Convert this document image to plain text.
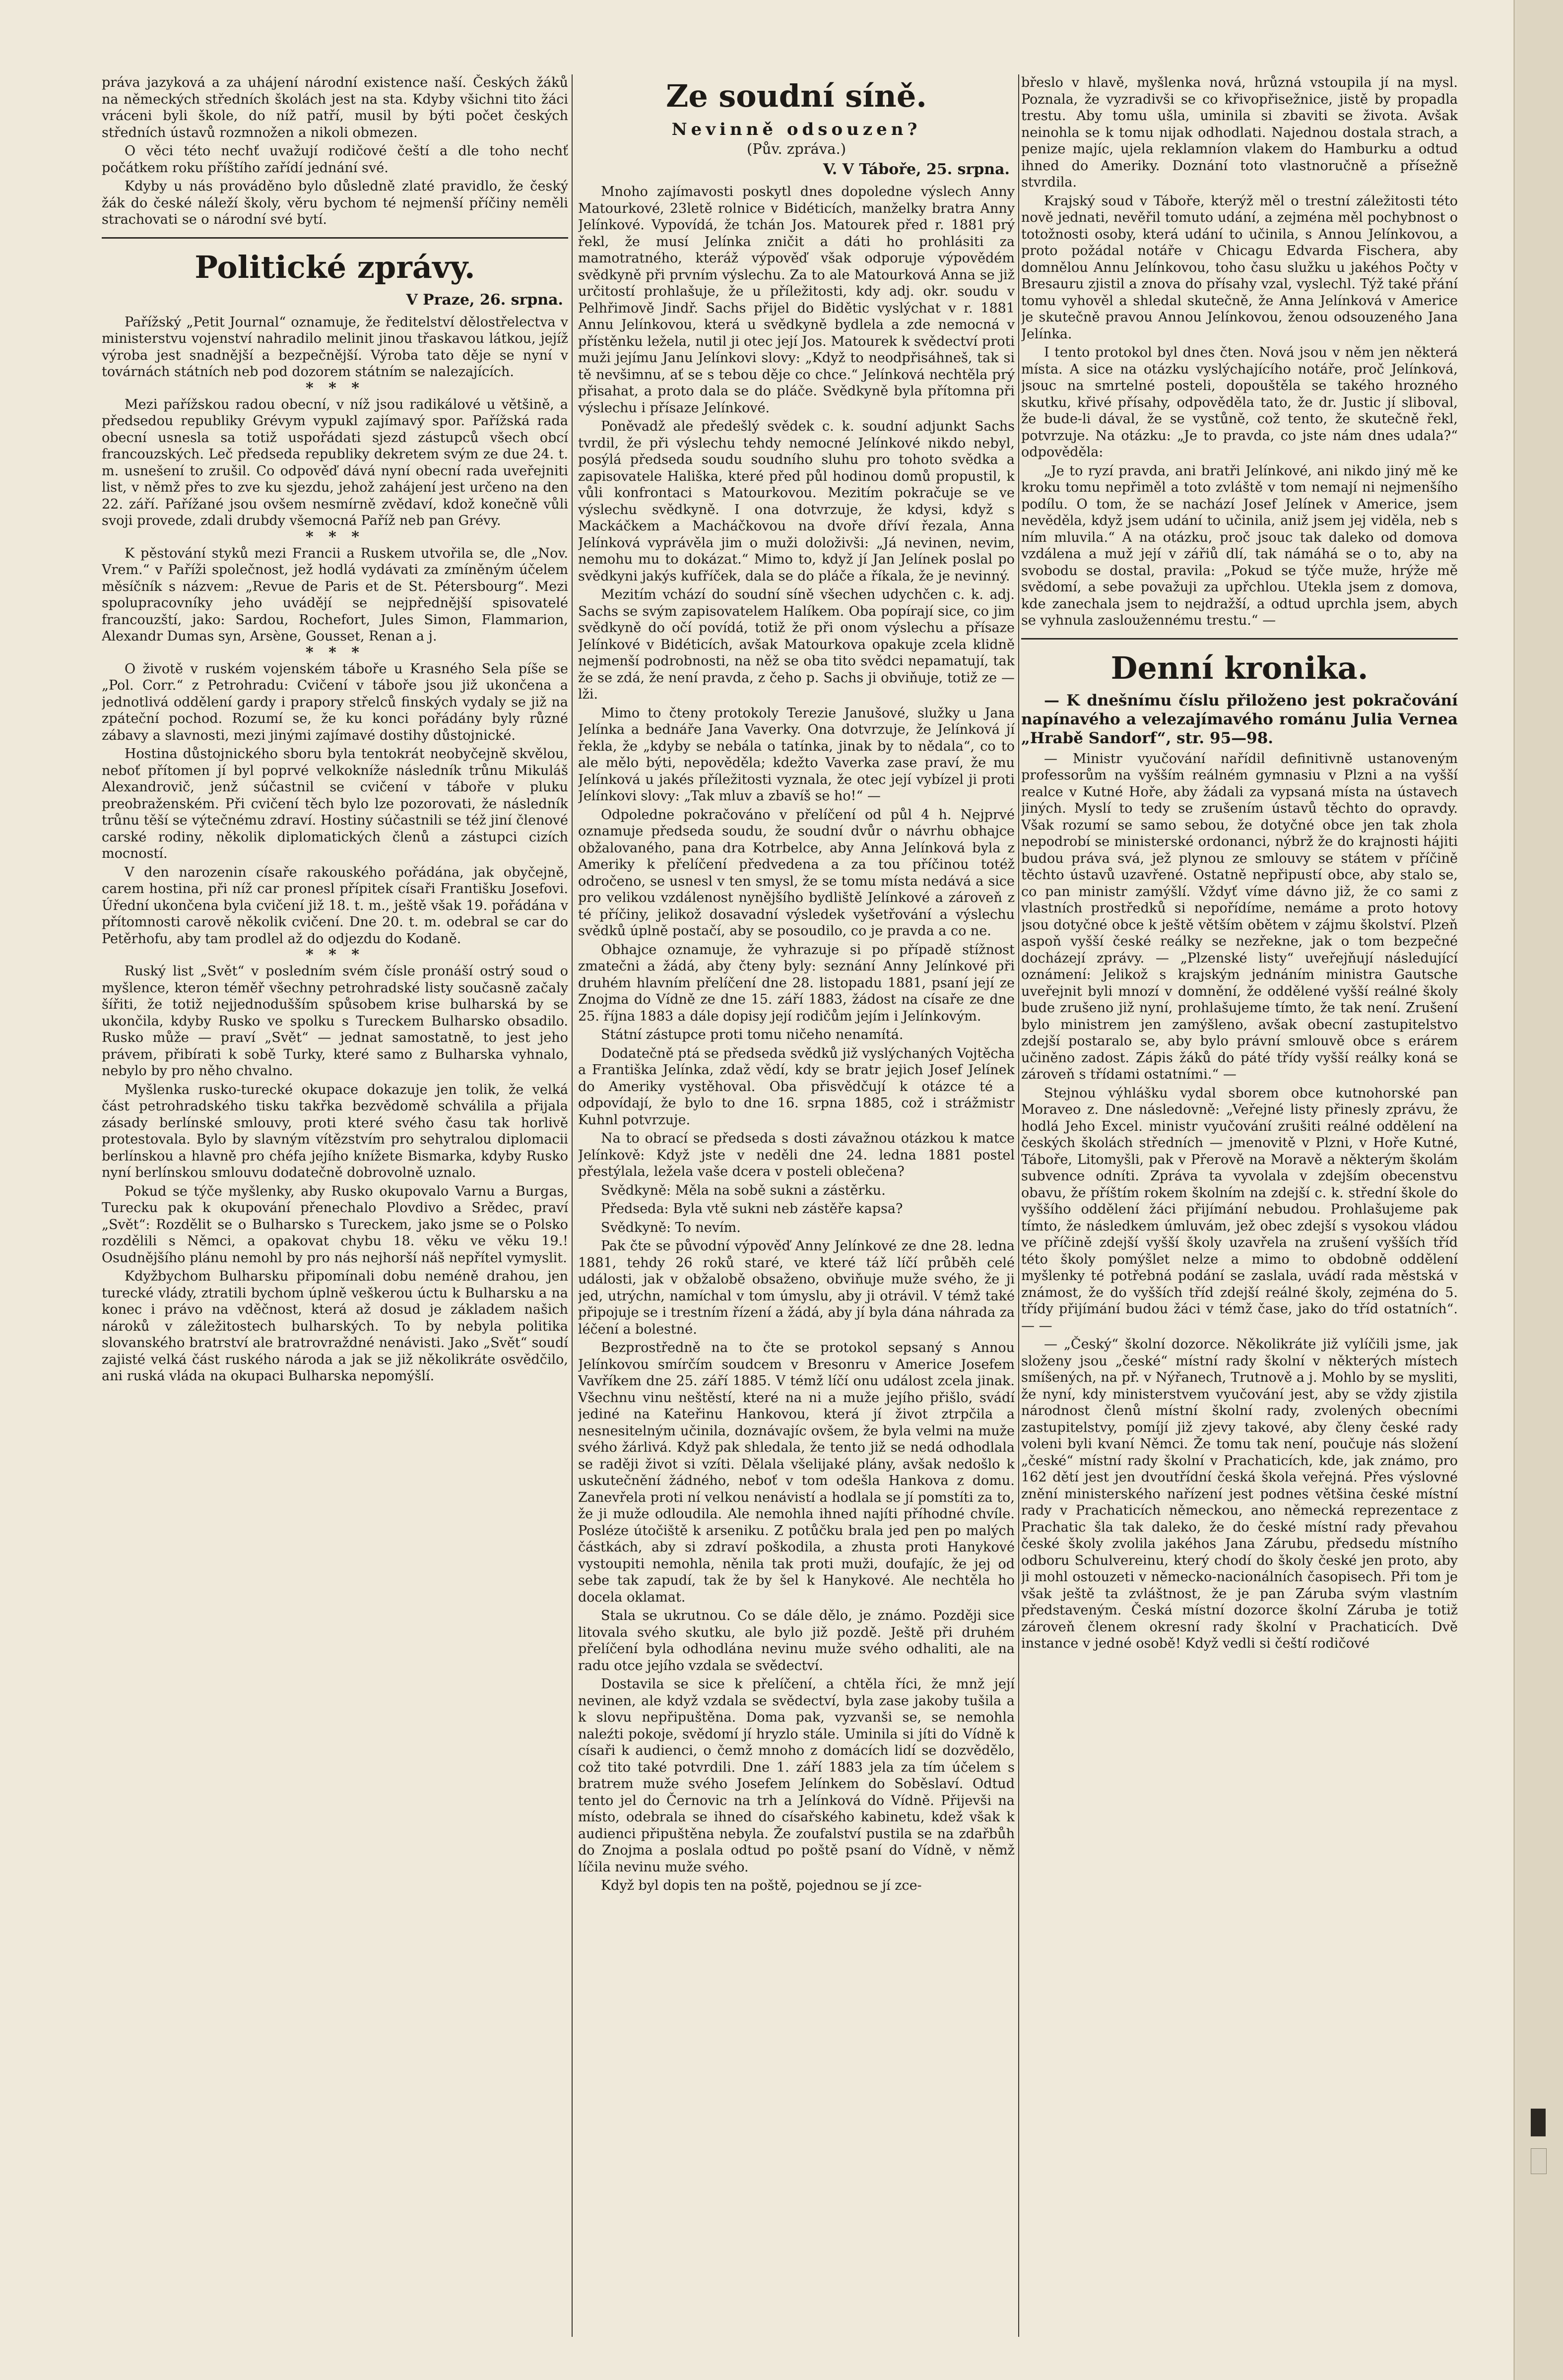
práva jazyková a za uhájení národní existence naší. Českých žáků na německých středních školách jest na sta. Kdyby všichni tito žáci vráceni byli škole, do níž patří, musil by býti počet českých středních ústavů rozmnožen a nikoli obmezen.

O věci této nechť uvažují rodičové čeští a dle toho nechť počátkem roku příštího zařídí jednání své.

Kdyby u nás prováděno bylo důsledně zlaté pravidlo, že český žák do české náleží školy, věru bychom té nejmenší příčiny neměli strachovati se o národní své bytí.

Politické zprávy.
V Praze, 26. srpna.

Pařížský „Petit Journal“ oznamuje, že ředitelství dělostřelectva v ministerstvu vojenství nahradilo melinit jinou třaskavou látkou, jejíž výroba jest snadnější a bezpečnější. Výroba tato děje se nyní v továrnách státních neb pod dozorem státním se nalezajících.

* * *

Mezi pařížskou radou obecní, v níž jsou radikálové u většině, a předsedou republiky Grévym vypukl zajímavý spor. Pařížská rada obecní usnesla sa totiž uspořádati sjezd zástupců všech obcí francouzských. Leč předseda republiky dekretem svým ze due 24. t. m. usnešení to zrušil. Co odpověď dává nyní obecní rada uveřejniti list, v němž přes to zve ku sjezdu, jehož zahájení jest určeno na den 22. září. Pařížané jsou ovšem nesmírně zvědaví, kdož konečně vůli svoji provede, zdali drubdy všemocná Paříž neb pan Grévy.

* * *

K pěstování styků mezi Francii a Ruskem utvořila se, dle „Nov. Vrem.“ v Paříži společnost, jež hodlá vydávati za zmíněným účelem měsíčník s názvem: „Revue de Paris et de St. Pétersbourg“. Mezi spolupracovníky jeho uvádějí se nejpřednější spisovatelé francouzští, jako: Sardou, Rochefort, Jules Simon, Flammarion, Alexandr Dumas syn, Arsène, Gousset, Renan a j.

* * *

O životě v ruském vojenském táboře u Krasného Sela píše se „Pol. Corr.“ z Petrohradu: Cvičení v táboře jsou již ukončena a jednotlivá oddělení gardy i prapory střelců finských vydaly se již na zpáteční pochod. Rozumí se, že ku konci pořádány byly různé zábavy a slavnosti, mezi jinými zajímavé dostihy důstojnické.

Hostina důstojnického sboru byla tentokrát neobyčejně skvělou, neboť přítomen jí byl poprvé velkokníže následník trůnu Mikuláš Alexandrovič, jenž súčastnil se cvičení v táboře v pluku preobraženském. Při cvičení těch bylo lze pozorovati, že následník trůnu těší se výtečnému zdraví. Hostiny súčastnili se též jiní členové carské rodiny, několik diplomatických členů a zástupci cizích mocností.

V den narozenin císaře rakouského pořádána, jak obyčejně, carem hostina, při níž car pronesl přípitek císaři Františku Josefovi. Úřední ukončena byla cvičení již 18. t. m., ještě však 19. pořádána v přítomnosti carově několik cvičení. Dne 20. t. m. odebral se car do Petěrhofu, aby tam prodlel až do odjezdu do Kodaně.

* * *

Ruský list „Svět“ v posledním svém čísle pronáší ostrý soud o myšlence, kteron téměř všechny petrohradské listy současně začaly šířiti, že totiž nejjednodušším spůsobem krise bulharská by se ukončila, kdyby Rusko ve spolku s Tureckem Bulharsko obsadilo. Rusko může — praví „Svět“ — jednat samostatně, to jest jeho právem, přibírati k sobě Turky, které samo z Bulharska vyhnalo, nebylo by pro něho chvalno.

Myšlenka rusko-turecké okupace dokazuje jen tolik, že velká část petrohradského tisku takřka bezvědomě schválila a přijala zásady berlínské smlouvy, proti které svého času tak horlivě protestovala. Bylo by slavným vítězstvím pro sehytralou diplomacii berlínskou a hlavně pro chéfa jejího knížete Bismarka, kdyby Rusko nyní berlínskou smlouvu dodatečně dobrovolně uznalo.

Pokud se týče myšlenky, aby Rusko okupovalo Varnu a Burgas, Turecku pak k okupování přenechalo Plovdivo a Srědec, praví „Svět“: Rozdělit se o Bulharsko s Tureckem, jako jsme se o Polsko rozdělili s Němci, a opakovat chybu 18. věku ve věku 19.! Osudnějšího plánu nemohl by pro nás nejhorší náš nepřítel vymyslit.

Kdyžbychom Bulharsku připomínali dobu neméně drahou, jen turecké vlády, ztratili bychom úplně veškerou úctu k Bulharsku a na konec i právo na vděčnost, která až dosud je základem našich nároků v záležitostech bulharských. To by nebyla politika slovanského bratrství ale bratrovraždné nenávisti. Jako „Svět“ soudí zajisté velká část ruského národa a jak se již několikráte osvědčilo, ani ruská vláda na okupaci Bulharska nepomýšlí.

Ze soudní síně.
Nevinně odsouzen?
(Pův. zpráva.)
V. V Táboře, 25. srpna.

Mnoho zajímavosti poskytl dnes dopoledne výslech Anny Matourkové, 23letě rolnice v Bidéticích, manželky bratra Anny Jelínkové. Vypovídá, že tchán Jos. Matourek před r. 1881 prý řekl, že musí Jelínka zničit a dáti ho prohlásiti za mamotratného, kteráž výpověď však odporuje výpovědém svědkyně při prvním výslechu. Za to ale Matourková Anna se již určitostí prohlašuje, že u příležitosti, kdy adj. okr. soudu v Pelhřimově Jindř. Sachs přijel do Bidětic vyslýchat v r. 1881 Annu Jelínkovou, která u svědkyně bydlela a zde nemocná v přístěnku ležela, nutil ji otec její Jos. Matourek k svědectví proti muži jejímu Janu Jelínkovi slovy: „Když to neodpřisáhneš, tak si tě nevšimnu, ať se s tebou děje co chce.“ Jelínková nechtěla prý přisahat, a proto dala se do pláče. Svědkyně byla přítomna při výslechu i přísaze Jelínkové.

Poněvadž ale předešlý svědek c. k. soudní adjunkt Sachs tvrdil, že při výslechu tehdy nemocné Jelínkové nikdo nebyl, posýlá předseda soudu soudního sluhu pro tohoto svědka a zapisovatele Hališka, které před půl hodinou domů propustil, k vůli konfrontaci s Matourkovou. Mezitím pokračuje se ve výslechu svědkyně. I ona dotvrzuje, že kdysi, když s Mackáčkem a Macháčkovou na dvoře dříví řezala, Anna Jelínková vyprávěla jim o muži doloživši: „Já nevinen, nevim, nemohu mu to dokázat.“ Mimo to, když jí Jan Jelínek poslal po svědkyni jakýs kufříček, dala se do pláče a říkala, že je nevinný.

Mezitím vchází do soudní síně všechen udychčen c. k. adj. Sachs se svým zapisovatelem Halíkem. Oba popírají sice, co jim svědkyně do očí povídá, totiž že při onom výslechu a přísaze Jelínkové v Bidéticích, avšak Matourkova opakuje zcela klidně nejmenší podrobnosti, na něž se oba tito svědci nepamatují, tak že se zdá, že není pravda, z čeho p. Sachs ji obviňuje, totiž ze — lži.

Mimo to čteny protokoly Terezie Janušové, služky u Jana Jelínka a bednáře Jana Vaverky. Ona dotvrzuje, že Jelínková jí řekla, že „kdyby se nebála o tatínka, jinak by to nědala“, co to ale mělo býti, nepověděla; kdežto Vaverka zase praví, že mu Jelínková u jakés příležitosti vyznala, že otec její vybízel ji proti Jelínkovi slovy: „Tak mluv a zbavíš se ho!“ —

Odpoledne pokračováno v přelíčení od půl 4 h. Nejprvé oznamuje předseda soudu, že soudní dvůr o návrhu obhajce obžalovaného, pana dra Kotrbelce, aby Anna Jelínková byla z Ameriky k přelíčení předvedena a za tou příčinou totéž odročeno, se usnesl v ten smysl, že se tomu místa nedává a sice pro velikou vzdálenost nynějšího bydliště Jelínkové a zároveň z té příčiny, jelikož dosavadní výsledek vyšetřování a výslechu svědků úplně postačí, aby se posoudilo, co je pravda a co ne.

Obhajce oznamuje, že vyhrazuje si po případě stížnost zmatečni a žádá, aby čteny byly: seznání Anny Jelínkové při druhém hlavním přelíčení dne 28. listopadu 1881, psaní její ze Znojma do Vídně ze dne 15. září 1883, žádost na císaře ze dne 25. října 1883 a dále dopisy její rodičům jejím i Jelínkovým.

Státní zástupce proti tomu ničeho nenamítá.

Dodatečně ptá se předseda svědků již vyslýchaných Vojtěcha a Františka Jelínka, zdaž vědí, kdy se bratr jejich Josef Jelínek do Ameriky vystěhoval. Oba přisvědčují k otázce té a odpovídají, že bylo to dne 16. srpna 1885, což i strážmistr Kuhnl potvrzuje.

Na to obrací se předseda s dosti závažnou otázkou k matce Jelínkově: Když jste v neděli dne 24. ledna 1881 postel přestýlala, ležela vaše dcera v posteli oblečena?

Svědkyně: Měla na sobě sukni a zástěrku.

Předseda: Byla vtě sukni neb zástěře kapsa?

Svědkyně: To nevím.

Pak čte se původní výpověď Anny Jelínkové ze dne 28. ledna 1881, tehdy 26 roků staré, ve které táž líčí průběh celé události, jak v obžalobě obsaženo, obviňuje muže svého, že ji jed, utrýchn, namíchal v tom úmyslu, aby ji otrávil. V témž také připojuje se i trestním řízení a žádá, aby jí byla dána náhrada za léčení a bolestné.

Bezprostředně na to čte se protokol sepsaný s Annou Jelínkovou smírčím soudcem v Bresonru v Americe Josefem Vavříkem dne 25. září 1885. V témž líčí onu událost zcela jinak. Všechnu vinu neštěstí, které na ni a muže jejího přišlo, svádí jediné na Kateřinu Hankovou, která jí život ztrpčila a nesnesitelným učinila, doznávajíc ovšem, že byla velmi na muže svého žárlivá. Když pak shledala, že tento již se nedá odhodlala se raději život si vzíti. Dělala všelijaké plány, avšak nedošlo k uskutečnění žádného, neboť v tom odešla Hankova z domu. Zanevřela proti ní velkou nenávistí a hodlala se jí pomstíti za to, že ji muže odloudila. Ale nemohla ihned najíti příhodné chvíle. Posléze útočiště k arseniku. Z potůčku brala jed pen po malých částkách, aby si zdraví poškodila, a zhusta proti Hanykové vystoupiti nemohla, něnila tak proti muži, doufajíc, že jej od sebe tak zapudí, tak že by šel k Hanykové. Ale nechtěla ho docela oklamat.

Stala se ukrutnou. Co se dále dělo, je známo. Později sice litovala svého skutku, ale bylo již pozdě. Ještě při druhém přelíčení byla odhodlána nevinu muže svého odhaliti, ale na radu otce jejího vzdala se svědectví.

Dostavila se sice k přelíčení, a chtěla říci, že mnž její nevinen, ale když vzdala se svědectví, byla zase jakoby tušila a k slovu nepřipuštěna. Doma pak, vyzvanši se, se nemohla naleźti pokoje, svědomí jí hryzlo stále. Uminila si jíti do Vídně k císaři k audienci, o čemž mnoho z domácích lidí se dozvědělo, což tito také potvrdili. Dne 1. září 1883 jela za tím účelem s bratrem muže svého Josefem Jelínkem do Soběslaví. Odtud tento jel do Černovic na trh a Jelínková do Vídně. Přijevši na místo, odebrala se ihned do císařského kabinetu, kdež však k audienci připuštěna nebyla. Že zoufalství pustila se na zdařbůh do Znojma a poslala odtud po poště psaní do Vídně, v němž líčila nevinu muže svého.

Když byl dopis ten na poště, pojednou se jí zce-

břeslo v hlavě, myšlenka nová, hrůzná vstoupila jí na mysl. Poznala, že vyzradivši se co křivopřisežnice, jistě by propadla trestu. Aby tomu ušla, uminila si zbaviti se života. Avšak neinohla se k tomu nijak odhodlati. Najednou dostala strach, a penize majíc, ujela reklamníon vlakem do Hamburku a odtud ihned do Ameriky. Doznání toto vlastnoručně a přísežně stvrdila.

Krajský soud v Táboře, kterýž měl o trestní záležitosti této nově jednati, nevěřil tomuto udání, a zejména měl pochybnost o totožnosti osoby, která udání to učinila, s Annou Jelínkovou, a proto požádal notáře v Chicagu Edvarda Fischera, aby domnělou Annu Jelínkovou, toho času služku u jakéhos Počty v Bresauru zjistil a znova do přísahy vzal, vyslechl. Týž také přání tomu vyhověl a shledal skutečně, že Anna Jelínková v Americe je skutečně pravou Annou Jelínkovou, ženou odsouzeného Jana Jelínka.

I tento protokol byl dnes čten. Nová jsou v něm jen některá místa. A sice na otázku vyslýchajícího notáře, proč Jelínková, jsouc na smrtelné posteli, dopouštěla se takého hrozného skutku, křivé přísahy, odpověděla tato, že dr. Justic jí sliboval, že bude-li dával, že se vystůně, což tento, že skutečně řekl, potvrzuje. Na otázku: „Je to pravda, co jste nám dnes udala?“ odpověděla:

„Je to ryzí pravda, ani bratři Jelínkové, ani nikdo jiný mě ke kroku tomu nepřiměl a toto zvláště v tom nemají ni nejmenšího podílu. O tom, že se nachází Josef Jelínek v Americe, jsem nevěděla, když jsem udání to učinila, aniž jsem jej viděla, neb s ním mluvila.“ A na otázku, proč jsouc tak daleko od domova vzdálena a muž její v zářiů dlí, tak námáhá se o to, aby na svobodu se dostal, pravila: „Pokud se týče muže, hrýže mě svědomí, a sebe považuji za upřchlou. Utekla jsem z domova, kde zanechala jsem to nejdražší, a odtud uprchla jsem, abych se vyhnula zasloužennému trestu.“ —

Denní kronika.
— K dnešnímu číslu přiloženo jest pokračování napínavého a velezajímavého románu Julia Vernea „Hrabě Sandorf“, str. 95—98.

— Ministr vyučování nařídil definitivně ustanoveným professorům na vyšším reálném gymnasiu v Plzni a na vyšší realce v Kutné Hoře, aby žádali za vypsaná místa na ústavech jiných. Myslí to tedy se zrušením ústavů těchto do opravdy. Však rozumí se samo sebou, že dotyčné obce jen tak zhola nepodrobí se ministerské ordonanci, nýbrž že do krajnosti hájiti budou práva svá, jež plynou ze smlouvy se státem v příčině těchto ústavů uzavřené. Ostatně nepřipustí obce, aby stalo se, co pan ministr zamýšlí. Vždyť víme dávno již, že co sami z vlastních prostředků si nepořídíme, nemáme a proto hotovy jsou dotyčné obce k ještě větším obětem v zájmu školství. Plzeň aspoň vyšší české reálky se nezřekne, jak o tom bezpečné docházejí zprávy. — „Plzenské listy“ uveřejňují následující oznámení: Jelikož s krajským jednáním ministra Gautsche uveřejnit byli mnozí v domnění, že oddělené vyšší reálné školy bude zrušeno již nyní, prohlašujeme tímto, že tak není. Zrušení bylo ministrem jen zamýšleno, avšak obecní zastupitelstvo zdejší postaralo se, aby bylo právní smlouvě obce s erárem učiněno zadost. Zápis žáků do páté třídy vyšší reálky koná se zároveň s třídami ostatními.“ —

Stejnou výhlášku vydal sborem obce kutnohorské pan Moraveo z. Dne následovně: „Veřejné listy přinesly zprávu, že hodlá Jeho Excel. ministr vyučování zrušiti reálné oddělení na českých školách středních — jmenovitě v Plzni, v Hoře Kutné, Táboře, Litomyšli, pak v Přerově na Moravě a některým školám subvence odníti. Zpráva ta vyvolala v zdejším obecenstvu obavu, že příštím rokem školním na zdejší c. k. střední škole do vyššího oddělení žáci přijímání nebudou. Prohlašujeme pak tímto, že následkem úmluvám, jež obec zdejší s vysokou vládou ve příčině zdejší vyšší školy uzavřela na zrušení vyšších tříd této školy pomýšlet nelze a mimo to obdobně oddělení myšlenky té potřebná podání se zaslala, uvádí rada městská v známost, že do vyšších tříd zdejší reálné školy, zejména do 5. třídy přijímání budou žáci v témž čase, jako do tříd ostatních“. — —

— „Český“ školní dozorce. Několikráte již vylíčili jsme, jak složeny jsou „české“ místní rady školní v některých místech smíšených, na př. v Nýřanech, Trutnově a j. Mohlo by se mysliti, že nyní, kdy ministerstvem vyučování jest, aby se vždy zjistila národnost členů místní školní rady, zvolených obecními zastupitelstvy, pomíjí již zjevy takové, aby členy české rady voleni byli kvaní Němci. Že tomu tak není, poučuje nás složení „české“ místní rady školní v Prachaticích, kde, jak známo, pro 162 dětí jest jen dvoutřídní česká škola veřejná. Přes výslovné znění ministerského nařízení jest podnes většina české místní rady v Prachaticích německou, ano německá reprezentace z Prachatic šla tak daleko, že do české místní rady převahou české školy zvolila jakéhos Jana Zárubu, předsedu místního odboru Schulvereinu, který chodí do školy české jen proto, aby ji mohl ostouzeti v německo-nacionálních časopisech. Při tom je však ještě ta zvláštnost, že je pan Záruba svým vlastním představeným. Česká místní dozorce školní Záruba je totiž zároveň členem okresní rady školní v Prachaticích. Dvě instance v jedné osobě! Když vedli si čeští rodičové
